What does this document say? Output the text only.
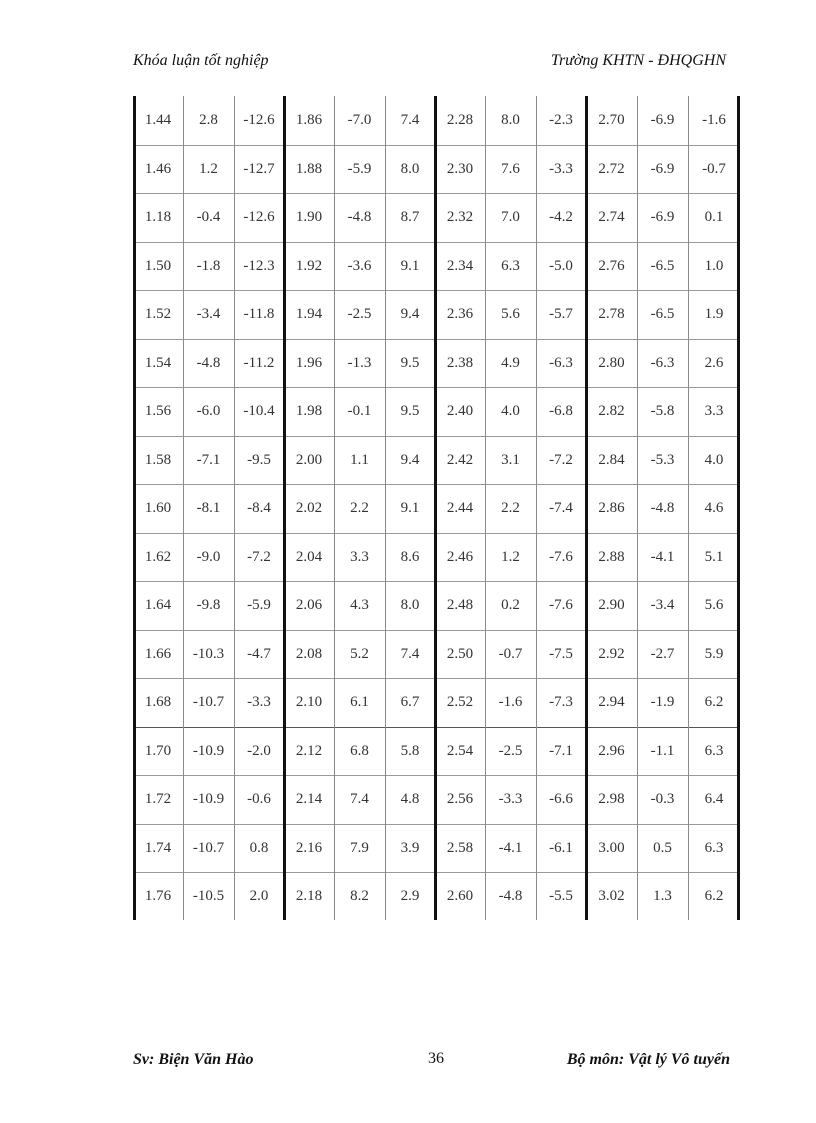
Khóa luận tốt nghiệp	Trường KHTN - ĐHQGHN
1.44	2.8	-12.6	1.86	-7.0	7.4	2.28	8.0	-2.3	2.70	-6.9	-1.6
1.46	1.2	-12.7	1.88	-5.9	8.0	2.30	7.6	-3.3	2.72	-6.9	-0.7
1.18	-0.4	-12.6	1.90	-4.8	8.7	2.32	7.0	-4.2	2.74	-6.9	0.1
1.50	-1.8	-12.3	1.92	-3.6	9.1	2.34	6.3	-5.0	2.76	-6.5	1.0
1.52	-3.4	-11.8	1.94	-2.5	9.4	2.36	5.6	-5.7	2.78	-6.5	1.9
1.54	-4.8	-11.2	1.96	-1.3	9.5	2.38	4.9	-6.3	2.80	-6.3	2.6
1.56	-6.0	-10.4	1.98	-0.1	9.5	2.40	4.0	-6.8	2.82	-5.8	3.3
1.58	-7.1	-9.5	2.00	1.1	9.4	2.42	3.1	-7.2	2.84	-5.3	4.0
1.60	-8.1	-8.4	2.02	2.2	9.1	2.44	2.2	-7.4	2.86	-4.8	4.6
1.62	-9.0	-7.2	2.04	3.3	8.6	2.46	1.2	-7.6	2.88	-4.1	5.1
1.64	-9.8	-5.9	2.06	4.3	8.0	2.48	0.2	-7.6	2.90	-3.4	5.6
1.66	-10.3	-4.7	2.08	5.2	7.4	2.50	-0.7	-7.5	2.92	-2.7	5.9
1.68	-10.7	-3.3	2.10	6.1	6.7	2.52	-1.6	-7.3	2.94	-1.9	6.2
1.70	-10.9	-2.0	2.12	6.8	5.8	2.54	-2.5	-7.1	2.96	-1.1	6.3
1.72	-10.9	-0.6	2.14	7.4	4.8	2.56	-3.3	-6.6	2.98	-0.3	6.4
1.74	-10.7	0.8	2.16	7.9	3.9	2.58	-4.1	-6.1	3.00	0.5	6.3
1.76	-10.5	2.0	2.18	8.2	2.9	2.60	-4.8	-5.5	3.02	1.3	6.2
Sv: Biện Văn Hào	36	Bộ môn: Vật lý Vô tuyến
